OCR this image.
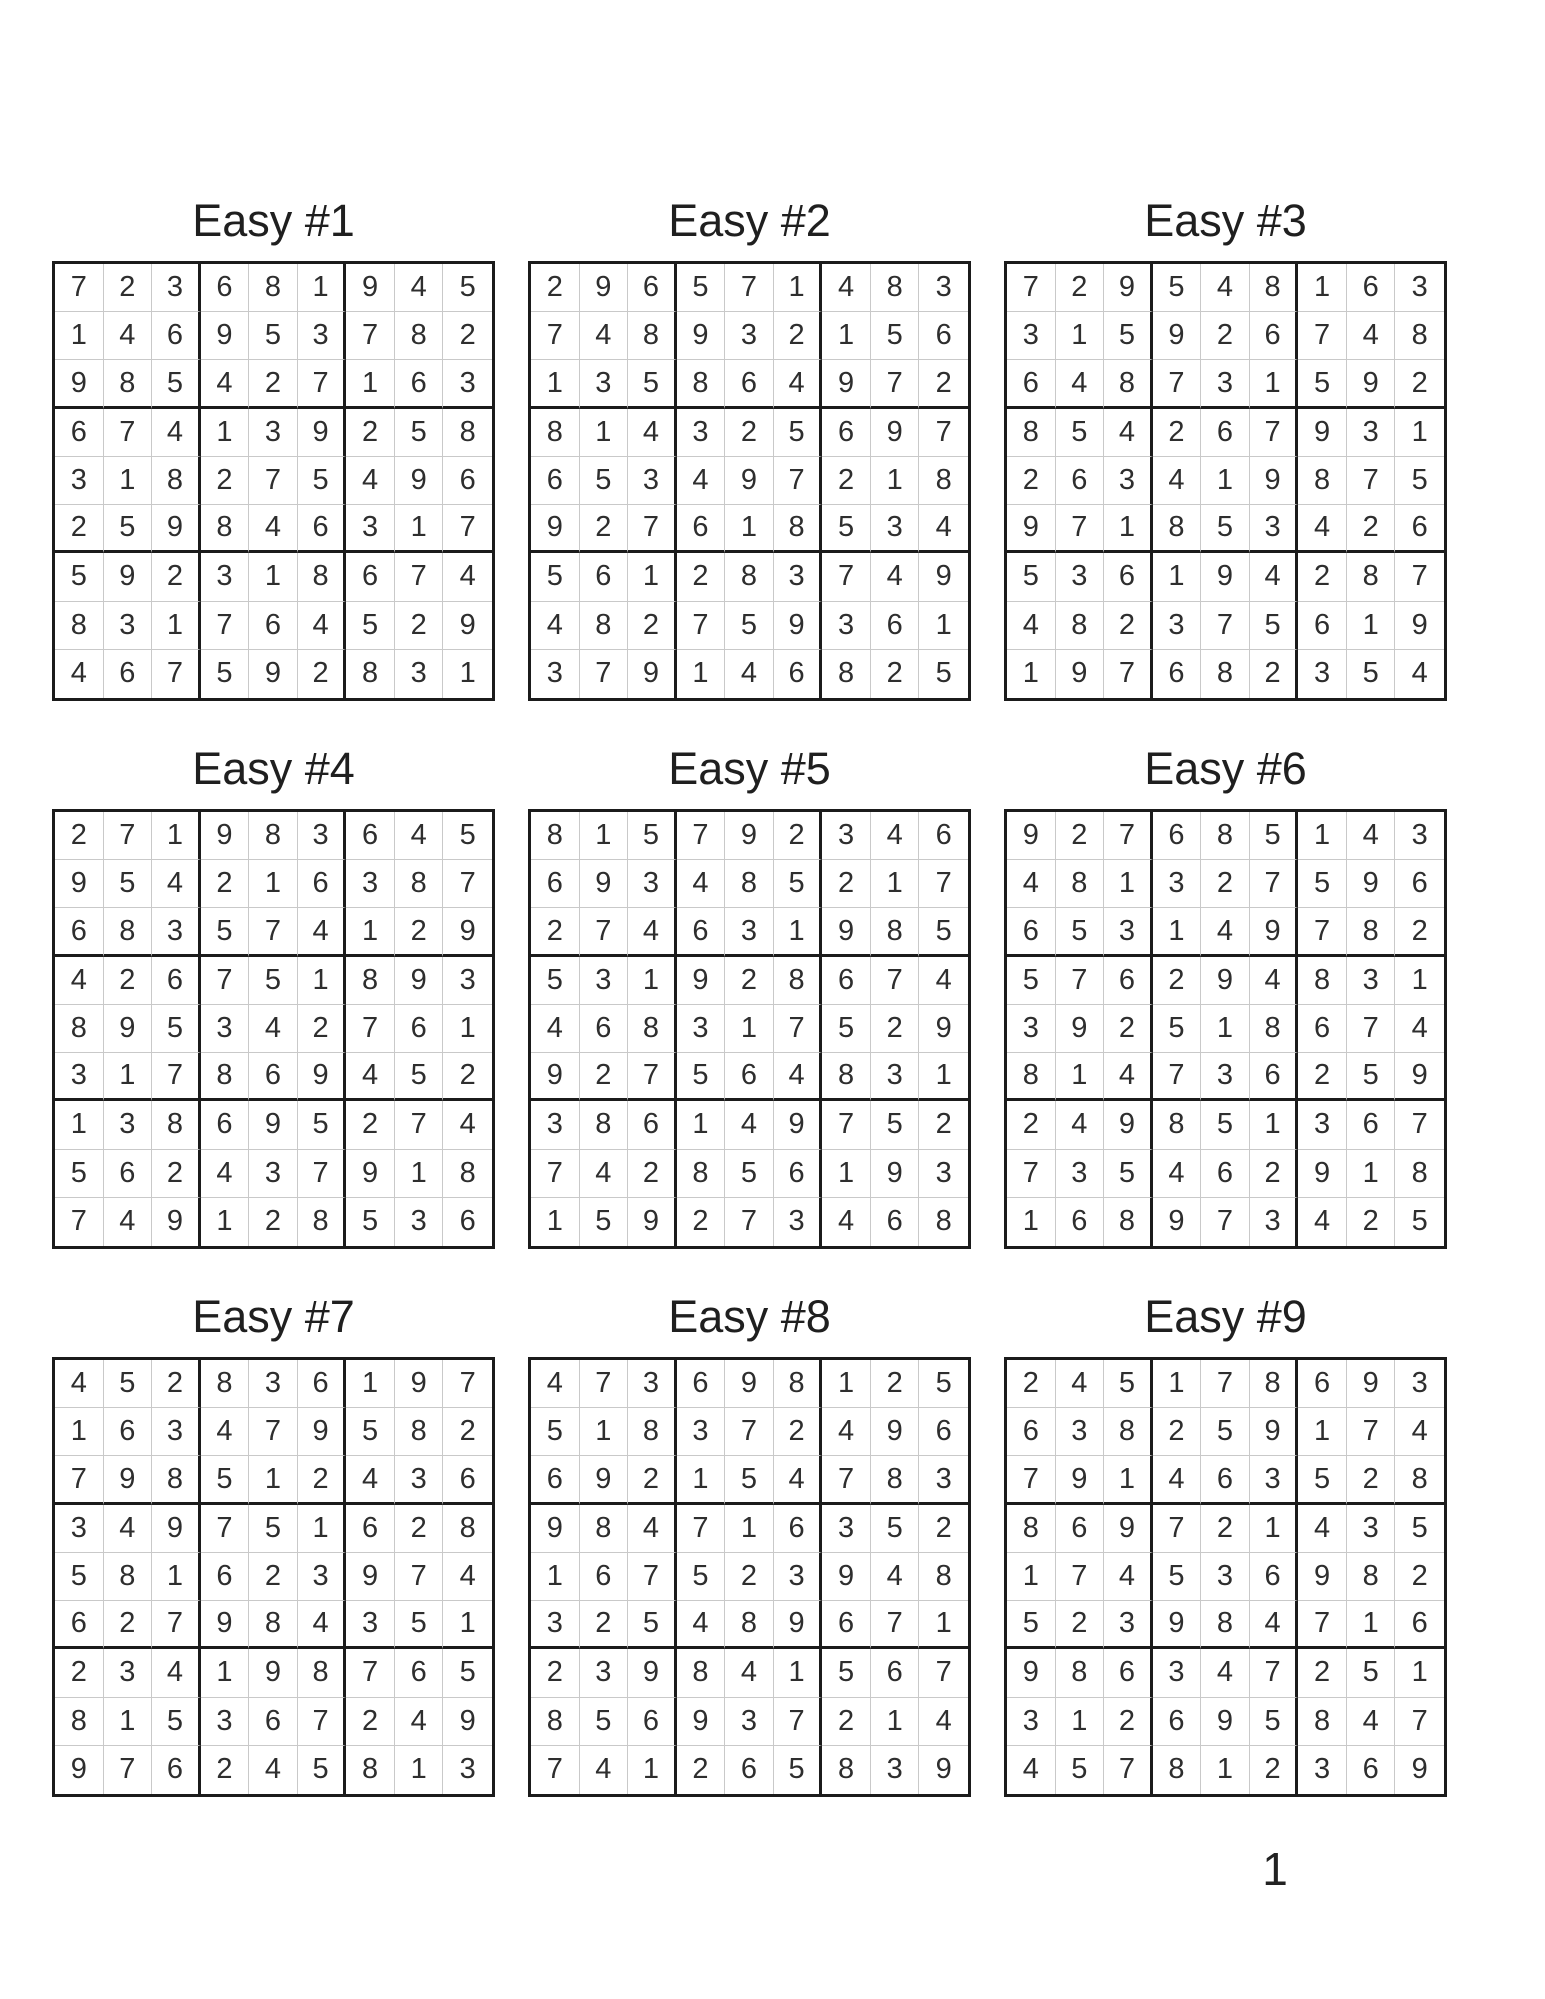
Easy #1
7	2	3	6	8	1	9	4	5
1	4	6	9	5	3	7	8	2
9	8	5	4	2	7	1	6	3
6	7	4	1	3	9	2	5	8
3	1	8	2	7	5	4	9	6
2	5	9	8	4	6	3	1	7
5	9	2	3	1	8	6	7	4
8	3	1	7	6	4	5	2	9
4	6	7	5	9	2	8	3	1
Easy #2
2	9	6	5	7	1	4	8	3
7	4	8	9	3	2	1	5	6
1	3	5	8	6	4	9	7	2
8	1	4	3	2	5	6	9	7
6	5	3	4	9	7	2	1	8
9	2	7	6	1	8	5	3	4
5	6	1	2	8	3	7	4	9
4	8	2	7	5	9	3	6	1
3	7	9	1	4	6	8	2	5
Easy #3
7	2	9	5	4	8	1	6	3
3	1	5	9	2	6	7	4	8
6	4	8	7	3	1	5	9	2
8	5	4	2	6	7	9	3	1
2	6	3	4	1	9	8	7	5
9	7	1	8	5	3	4	2	6
5	3	6	1	9	4	2	8	7
4	8	2	3	7	5	6	1	9
1	9	7	6	8	2	3	5	4
Easy #4
2	7	1	9	8	3	6	4	5
9	5	4	2	1	6	3	8	7
6	8	3	5	7	4	1	2	9
4	2	6	7	5	1	8	9	3
8	9	5	3	4	2	7	6	1
3	1	7	8	6	9	4	5	2
1	3	8	6	9	5	2	7	4
5	6	2	4	3	7	9	1	8
7	4	9	1	2	8	5	3	6
Easy #5
8	1	5	7	9	2	3	4	6
6	9	3	4	8	5	2	1	7
2	7	4	6	3	1	9	8	5
5	3	1	9	2	8	6	7	4
4	6	8	3	1	7	5	2	9
9	2	7	5	6	4	8	3	1
3	8	6	1	4	9	7	5	2
7	4	2	8	5	6	1	9	3
1	5	9	2	7	3	4	6	8
Easy #6
9	2	7	6	8	5	1	4	3
4	8	1	3	2	7	5	9	6
6	5	3	1	4	9	7	8	2
5	7	6	2	9	4	8	3	1
3	9	2	5	1	8	6	7	4
8	1	4	7	3	6	2	5	9
2	4	9	8	5	1	3	6	7
7	3	5	4	6	2	9	1	8
1	6	8	9	7	3	4	2	5
Easy #7
4	5	2	8	3	6	1	9	7
1	6	3	4	7	9	5	8	2
7	9	8	5	1	2	4	3	6
3	4	9	7	5	1	6	2	8
5	8	1	6	2	3	9	7	4
6	2	7	9	8	4	3	5	1
2	3	4	1	9	8	7	6	5
8	1	5	3	6	7	2	4	9
9	7	6	2	4	5	8	1	3
Easy #8
4	7	3	6	9	8	1	2	5
5	1	8	3	7	2	4	9	6
6	9	2	1	5	4	7	8	3
9	8	4	7	1	6	3	5	2
1	6	7	5	2	3	9	4	8
3	2	5	4	8	9	6	7	1
2	3	9	8	4	1	5	6	7
8	5	6	9	3	7	2	1	4
7	4	1	2	6	5	8	3	9
Easy #9
2	4	5	1	7	8	6	9	3
6	3	8	2	5	9	1	7	4
7	9	1	4	6	3	5	2	8
8	6	9	7	2	1	4	3	5
1	7	4	5	3	6	9	8	2
5	2	3	9	8	4	7	1	6
9	8	6	3	4	7	2	5	1
3	1	2	6	9	5	8	4	7
4	5	7	8	1	2	3	6	9
1
